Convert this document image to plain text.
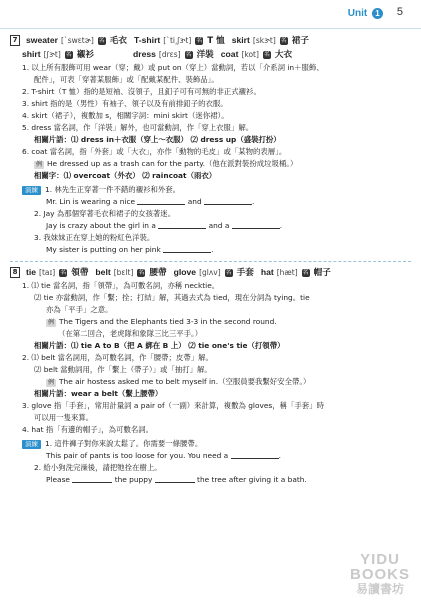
Unit 1 5
7 sweater [ˋswɛtɚ] 名 毛衣 T-shirt [ˋti͵ʃɝt] 名 T 恤 skirt [skɝt] 名 裙子
shirt [ʃɝt] 名 襯衫	dress [drɛs] 名 洋裝 coat [kot] 名 大衣
1. 以上所有服飾可用 wear（穿；戴）或 put on（穿上）當動詞，若以「介系詞 in＋服飾、
配件」，可表「穿著某服飾」或「配戴某配件、裝飾品」。
2. T-shirt（T 恤）指的是短袖、沒領子，且釦子可有可無的非正式襯衫。
3. shirt 指的是（男性）有袖子、領子以及有前排釦子的衣服。
4. skirt（裙子），複數加 s，相關字詞：mini skirt（迷你裙）。
5. dress 當名詞，作「洋裝」解外，也可當動詞，作「穿上衣服」解。
相關片語：⑴ dress in＋衣服（穿上～衣服） ⑵ dress up（盛裝打扮）
6. coat 當名詞，指「外套」或「大衣」，亦作「動物的毛皮」或「某物的表層」。
例 He dressed up as a trash can for the party.（他在派對裝扮成垃圾桶。）
相關字：⑴ overcoat（外衣） ⑵ raincoat（雨衣）
演練 1. 林先生正穿著一件不錯的襯衫和外套。
Mr. Lin is wearing a nice	and	.
2. Jay 為那個穿著毛衣和裙子的女孩著迷。
Jay is crazy about the girl in a	and a	.
3. 我妹妹正在穿上她的粉紅色洋裝。
My sister is putting on her pink	.
8 tie [taɪ] 名 領帶 belt [bɛlt] 名 腰帶 glove [glʌv] 名 手套 hat [hæt] 名 帽子
1. ⑴ tie 當名詞，指「領帶」，為可數名詞，亦稱 necktie。
⑵ tie 亦當動詞，作「繫；拴；打結」解，其過去式為 tied，現在分詞為 tying。tie
亦為「平手」之意。
例 The Tigers and the Elephants tied 3-3 in the second round.
（在第二回合，老虎隊和象隊三比三平手。）
相關片語：⑴ tie A to B（把 A 綁在 B 上） ⑵ tie one's tie（打領帶）
2. ⑴ belt 當名詞用，為可數名詞，作「腰帶；皮帶」解。
⑵ belt 當動詞用，作「繫上（帶子）」或「抽打」解。
例 The air hostess asked me to belt myself in.（空服員要我繫好安全帶。）
相關片語：wear a belt（繫上腰帶）
3. glove 指「手套」，常用計量詞 a pair of（一副）來計算，複數為 gloves，稱「手套」時
可以用一隻來算。
4. hat 指「有邊的帽子」，為可數名詞。
演練 1. 這件褲子對你來說太鬆了。你需要一條腰帶。
This pair of pants is too loose for you. You need a	.
2. 給小狗洗完澡後，請把牠拴在樹上。
Please	the puppy	the tree after giving it a bath.
YIDU BOOKS
易讀書坊
